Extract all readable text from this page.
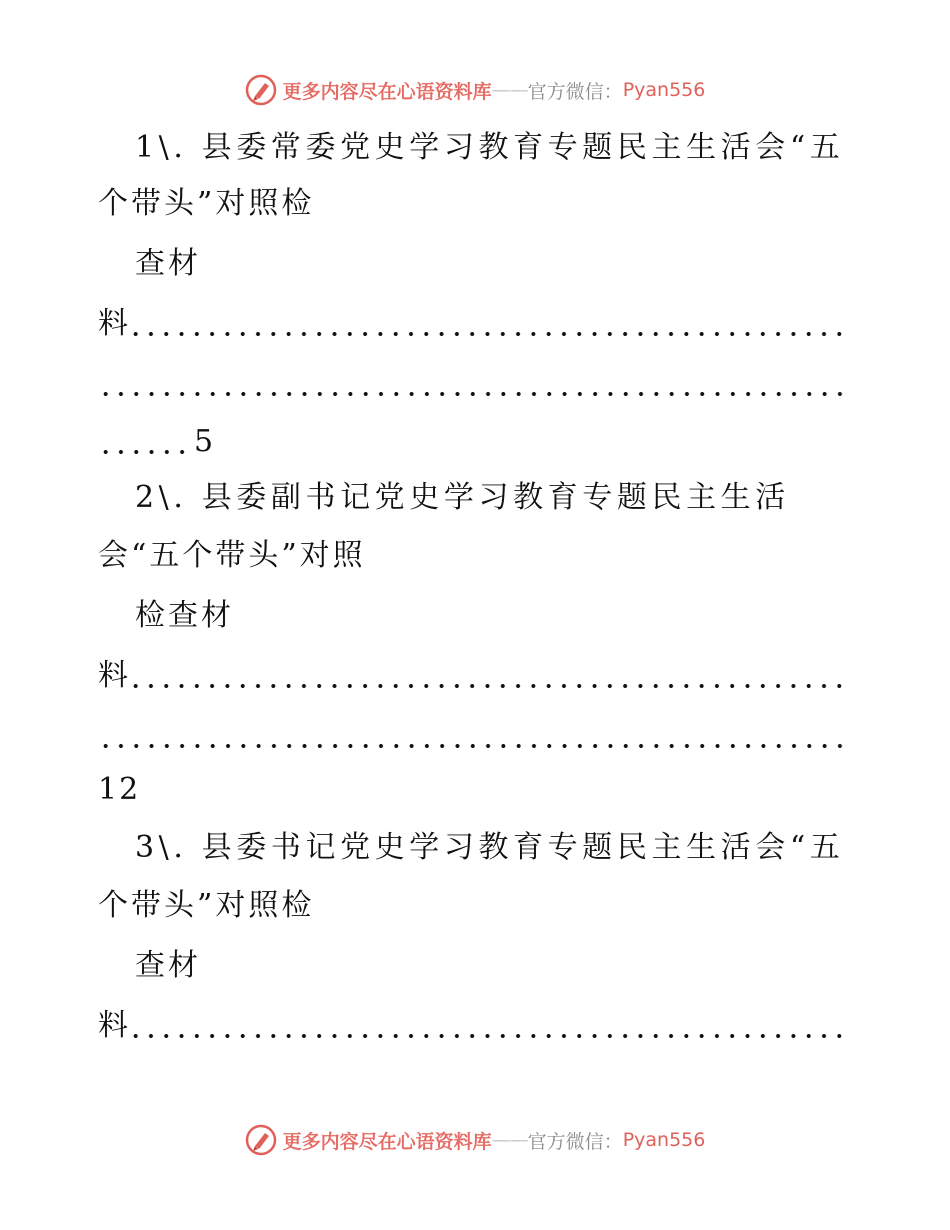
更多内容尽在心语资料库 —— 官方微信： Pyan556
1\. 县委常委党史学习教育专题民主生活会“五
个带头”对照检
查材
料
5
2\. 县委副书记党史学习教育专题民主生活
会“五个带头”对照
检查材
料
12
3\. 县委书记党史学习教育专题民主生活会“五
个带头”对照检
查材
料
更多内容尽在心语资料库 —— 官方微信： Pyan556
